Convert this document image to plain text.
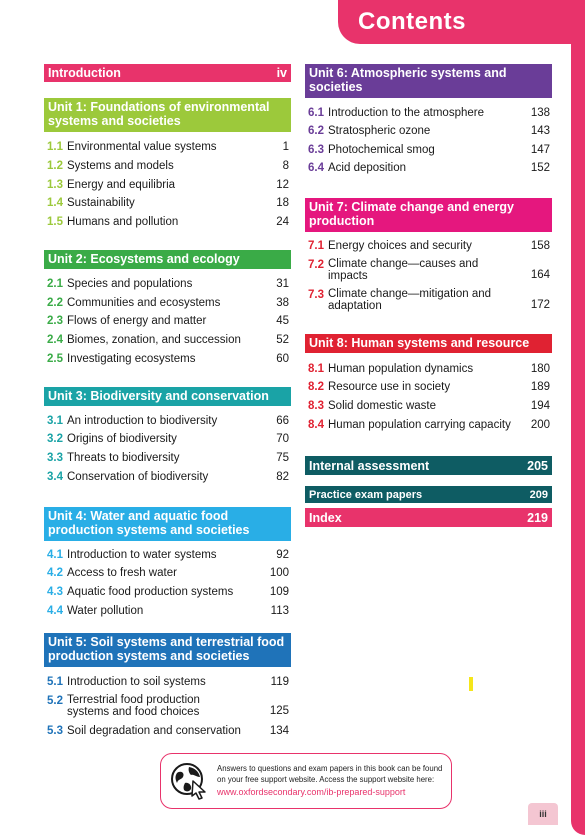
Contents
Introduction	iv
Unit 1: Foundations of environmental systems and societies
1.1 Environmental value systems	1
1.2 Systems and models	8
1.3 Energy and equilibria	12
1.4 Sustainability	18
1.5 Humans and pollution	24
Unit 2: Ecosystems and ecology
2.1 Species and populations	31
2.2 Communities and ecosystems	38
2.3 Flows of energy and matter	45
2.4 Biomes, zonation, and succession	52
2.5 Investigating ecosystems	60
Unit 3: Biodiversity and conservation
3.1 An introduction to biodiversity	66
3.2 Origins of biodiversity	70
3.3 Threats to biodiversity	75
3.4 Conservation of biodiversity	82
Unit 4: Water and aquatic food production systems and societies
4.1 Introduction to water systems	92
4.2 Access to fresh water	100
4.3 Aquatic food production systems	109
4.4 Water pollution	113
Unit 5: Soil systems and terrestrial food production systems and societies
5.1 Introduction to soil systems	119
5.2 Terrestrial food production systems and food choices	125
5.3 Soil degradation and conservation	134
Unit 6: Atmospheric systems and societies
6.1 Introduction to the atmosphere	138
6.2 Stratospheric ozone	143
6.3 Photochemical smog	147
6.4 Acid deposition	152
Unit 7: Climate change and energy production
7.1 Energy choices and security	158
7.2 Climate change—causes and impacts	164
7.3 Climate change—mitigation and adaptation	172
Unit 8: Human systems and resource use
8.1 Human population dynamics	180
8.2 Resource use in society	189
8.3 Solid domestic waste	194
8.4 Human population carrying capacity	200
Internal assessment	205
Practice exam papers	209
Index	219
Answers to questions and exam papers in this book can be found on your free support website. Access the support website here:
www.oxfordsecondary.com/ib-prepared-support
iii
